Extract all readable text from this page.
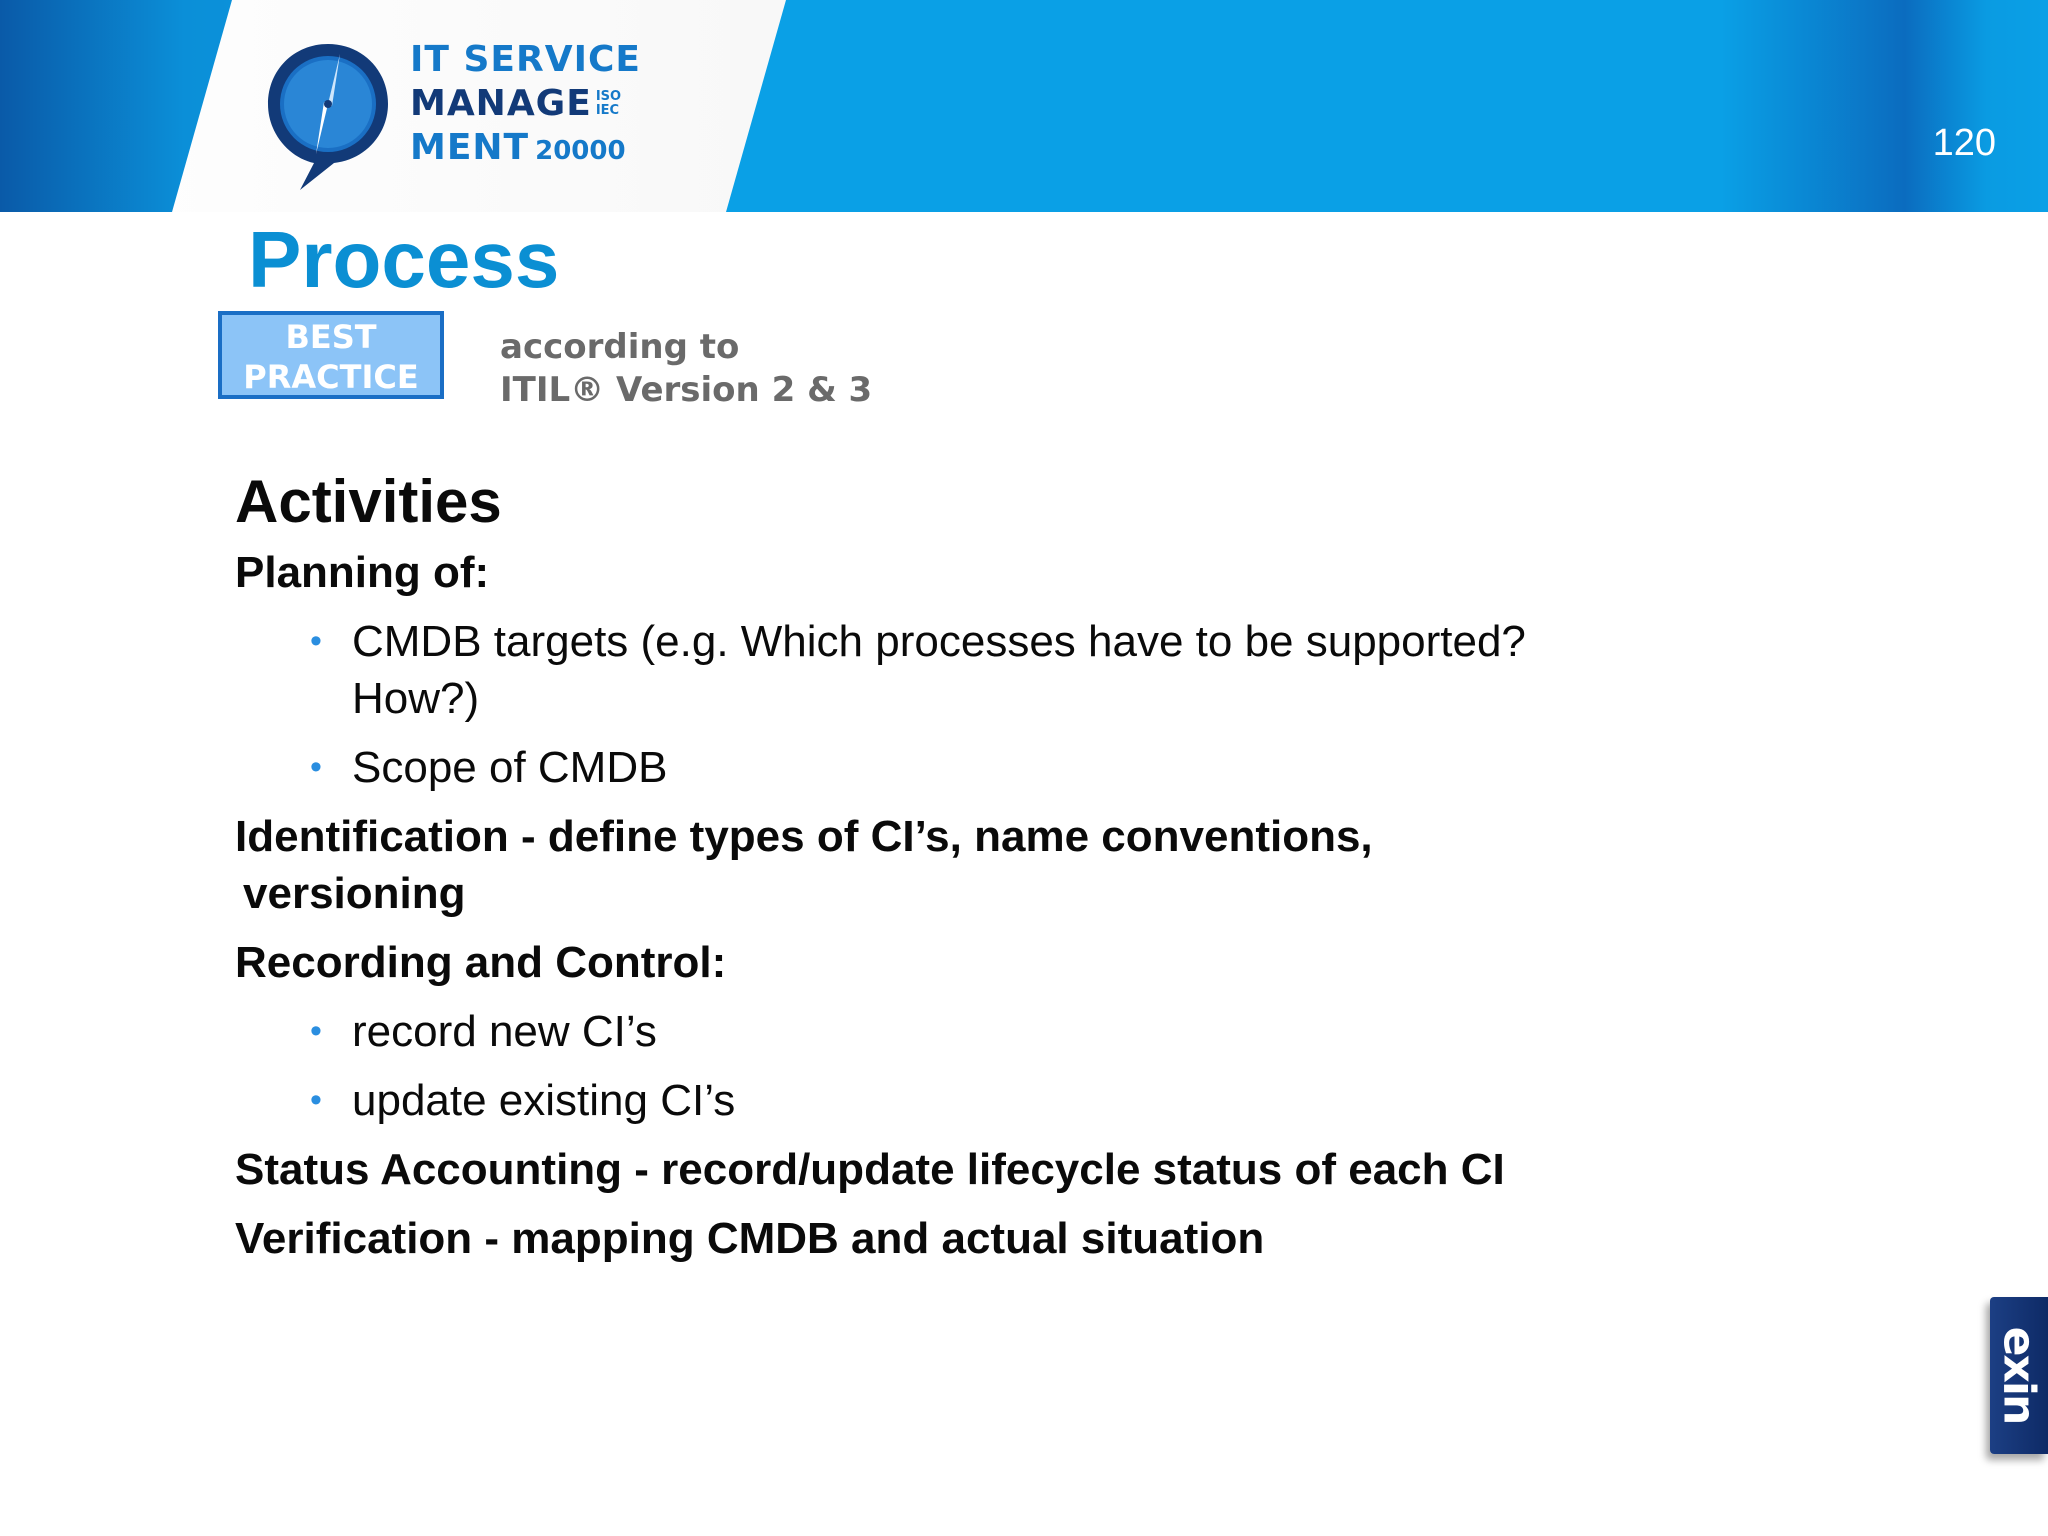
IT SERVICE
MANAGE ISO
IEC
MENT 20000	120
Process
BEST
PRACTICE
according to
ITIL® Version 2 & 3
Activities
Planning of:
• CMDB targets (e.g. Which processes have to be supported? How?)
• Scope of CMDB
Identification - define types of CI’s, name conventions,
versioning
Recording and Control:
• record new CI’s
• update existing CI’s
Status Accounting - record/update lifecycle status of each CI
Verification - mapping CMDB and actual situation
exin
